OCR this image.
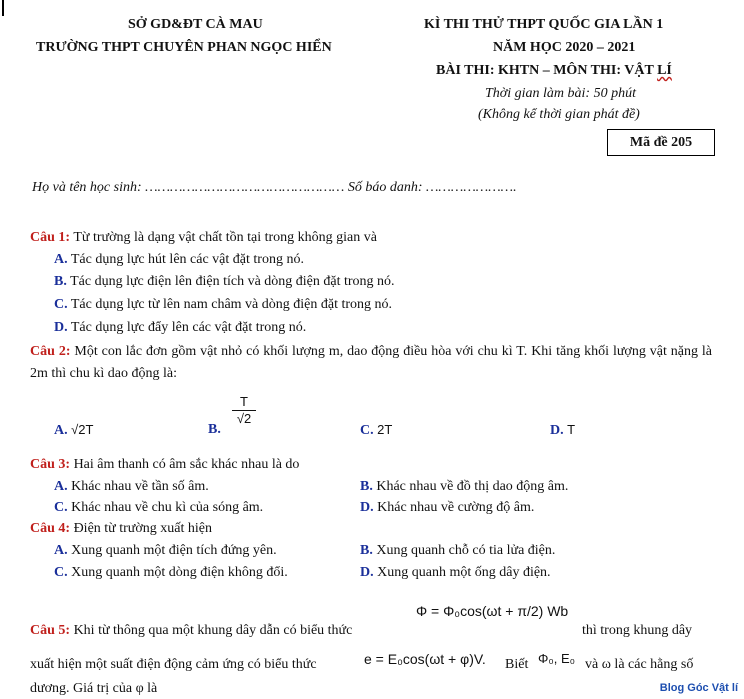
SỞ GD&ĐT CÀ MAU
TRƯỜNG THPT CHUYÊN PHAN NGỌC HIỂN
KÌ THI THỬ THPT QUỐC GIA LẦN 1
NĂM HỌC 2020 – 2021
BÀI THI: KHTN – MÔN THI: VẬT LÍ
Thời gian làm bài: 50 phút
(Không kể thời gian phát đề)
Mã đề 205
Họ và tên học sinh: ………………………………………… Số báo danh: ………………….
Câu 1: Từ trường là dạng vật chất tồn tại trong không gian và
A. Tác dụng lực hút lên các vật đặt trong nó.
B. Tác dụng lực điện lên điện tích và dòng điện đặt trong nó.
C. Tác dụng lực từ lên nam châm và dòng điện đặt trong nó.
D. Tác dụng lực đẩy lên các vật đặt trong nó.
Câu 2: Một con lắc đơn gồm vật nhỏ có khối lượng m, dao động điều hòa với chu kì T. Khi tăng khối lượng vật nặng là 2m thì chu kì dao động là:
A. √2T	B.
$\frac{T}{√2}$
C. 2T	D. T
Câu 3: Hai âm thanh có âm sắc khác nhau là do
A. Khác nhau về tần số âm.	B. Khác nhau về đồ thị dao động âm.
C. Khác nhau về chu kì của sóng âm.	D. Khác nhau về cường độ âm.
Câu 4: Điện từ trường xuất hiện
A. Xung quanh một điện tích đứng yên.	B. Xung quanh chỗ có tia lửa điện.
C. Xung quanh một dòng điện không đổi.	D. Xung quanh một ống dây điện.
Câu 5: Khi từ thông qua một khung dây dẫn có biểu thức
Φ = Φ₀cos(ωt + π/2) Wb
thì trong khung dây
xuất hiện một suất điện động cảm ứng có biểu thức	e = E₀cos(ωt + φ)V. Biết Φ₀, E₀ và ω là các hằng số
dương. Giá trị của φ là	Blog Góc Vật lí
